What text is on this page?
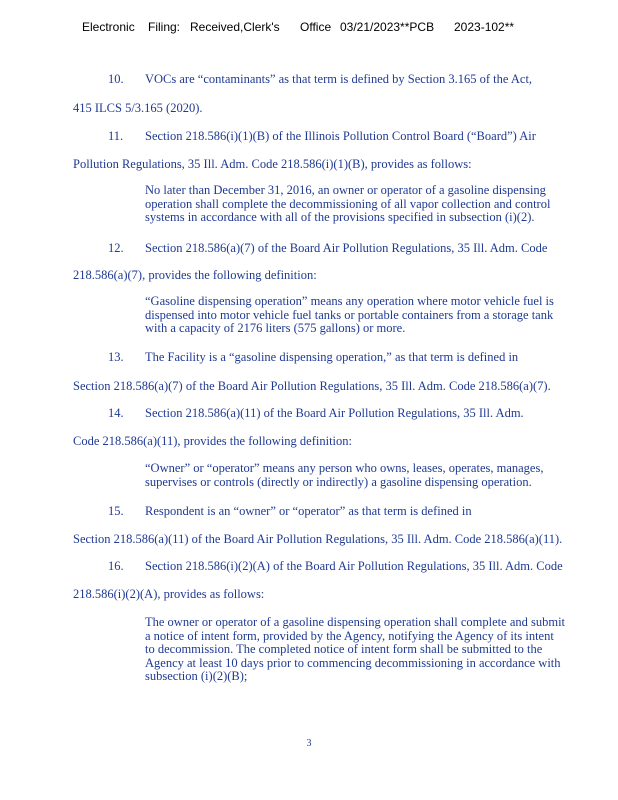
Electronic

Filing:

Received,Clerk's

Office

03/21/2023**PCB

2023-102**

10. VOCs are “contaminants” as that term is defined by Section 3.165 of the Act,
415 ILCS 5/3.165 (2020).
11. Section 218.586(i)(1)(B) of the Illinois Pollution Control Board (“Board”) Air
Pollution Regulations, 35 Ill. Adm. Code 218.586(i)(1)(B), provides as follows:
No later than December 31, 2016, an owner or operator of a gasoline dispensing
operation shall complete the decommissioning of all vapor collection and control
systems in accordance with all of the provisions specified in subsection (i)(2).
12. Section 218.586(a)(7) of the Board Air Pollution Regulations, 35 Ill. Adm. Code
218.586(a)(7), provides the following definition:
“Gasoline dispensing operation” means any operation where motor vehicle fuel is
dispensed into motor vehicle fuel tanks or portable containers from a storage tank
with a capacity of 2176 liters (575 gallons) or more.
13. The Facility is a “gasoline dispensing operation,” as that term is defined in
Section 218.586(a)(7) of the Board Air Pollution Regulations, 35 Ill. Adm. Code 218.586(a)(7).
14. Section 218.586(a)(11) of the Board Air Pollution Regulations, 35 Ill. Adm.
Code 218.586(a)(11), provides the following definition:
“Owner” or “operator” means any person who owns, leases, operates, manages,
supervises or controls (directly or indirectly) a gasoline dispensing operation.
15. Respondent is an “owner” or “operator” as that term is defined in
Section 218.586(a)(11) of the Board Air Pollution Regulations, 35 Ill. Adm. Code 218.586(a)(11).
16. Section 218.586(i)(2)(A) of the Board Air Pollution Regulations, 35 Ill. Adm. Code
218.586(i)(2)(A), provides as follows:
The owner or operator of a gasoline dispensing operation shall complete and submit
a notice of intent form, provided by the Agency, notifying the Agency of its intent
to decommission. The completed notice of intent form shall be submitted to the
Agency at least 10 days prior to commencing decommissioning in accordance with
subsection (i)(2)(B);
3
